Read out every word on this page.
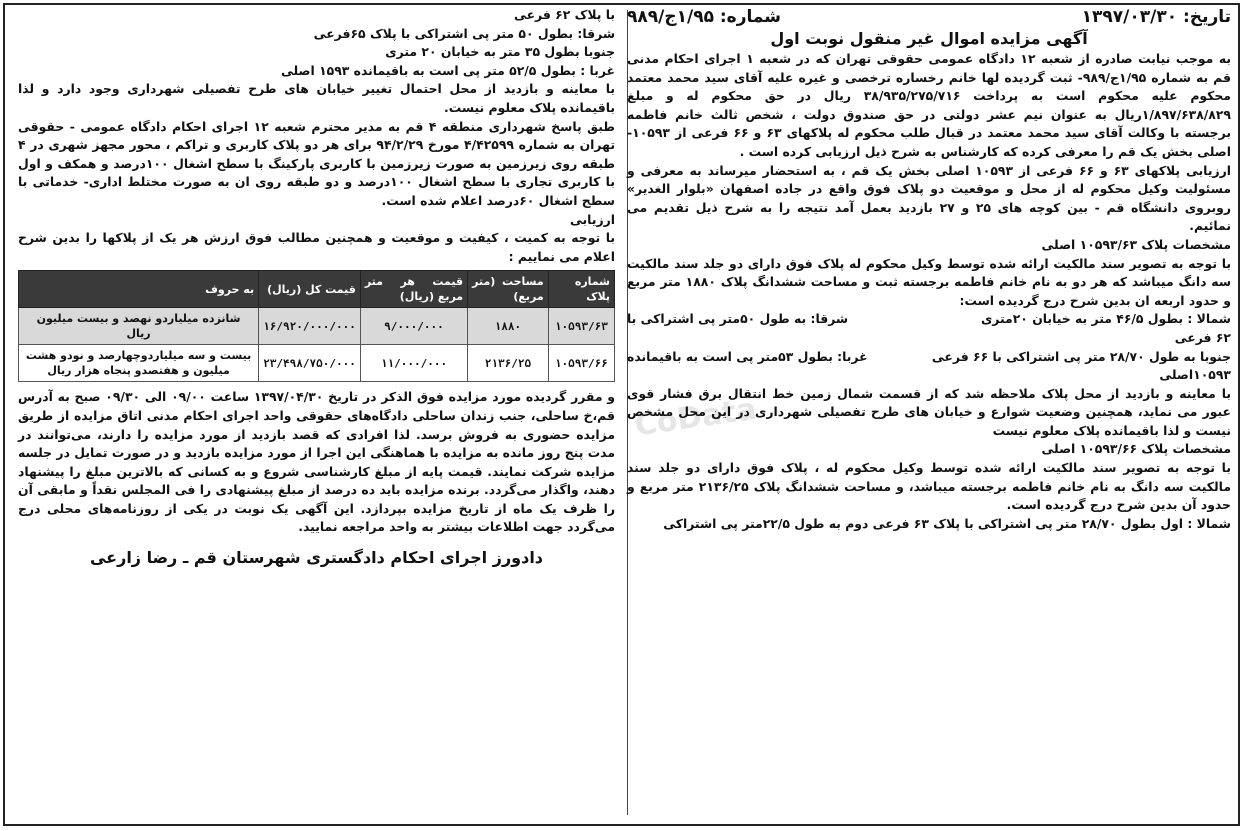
CoData
تاریخ: ۱۳۹۷/۰۳/۳۰
شماره: ۱/۹۵ج/۹۸۹
آگهی مزایده اموال غیر منقول نوبت اول

به موجب نیابت صادره از شعبه ۱۲ دادگاه عمومی حقوقی تهران که در شعبه ۱ اجرای احکام مدنی قم به شماره ۱/۹۵ج/۹۸۹- ثبت گردیده لها خانم رخساره ترخصی و غیره علیه آقای سید محمد معتمد محکوم علیه محکوم است به پرداخت ۳۸/۹۳۵/۲۷۵/۷۱۶ ریال در حق محکوم له و مبلغ ۱/۸۹۷/۶۳۸/۸۲۹ریال به عنوان نیم عشر دولتی در حق صندوق دولت ، شخص ثالث خانم فاطمه برجسته با وکالت آقای سید محمد معتمد در قبال طلب محکوم له پلاکهای ۶۳ و ۶۶ فرعی از ۱۰۵۹۳- اصلی بخش یک قم را معرفی کرده که کارشناس به شرح ذیل ارزیابی کرده است .

ارزیابی پلاکهای ۶۳ و ۶۶ فرعی از ۱۰۵۹۳ اصلی بخش یک قم ، به استحضار میرساند به معرفی و مسئولیت وکیل محکوم له از محل و موقعیت دو پلاک فوق واقع در جاده اصفهان «بلوار الغدیر» روبروی دانشگاه قم - بین کوچه های ۲۵ و ۲۷ بازدید بعمل آمد نتیجه را به شرح ذیل تقدیم می نمائیم.

مشخصات پلاک ۱۰۵۹۳/۶۳ اصلی

با توجه به تصویر سند مالکیت ارائه شده توسط وکیل محکوم له پلاک فوق دارای دو جلد سند مالکیت سه دانگ میباشد که هر دو به نام خانم فاطمه برجسته ثبت و مساحت ششدانگ پلاک ۱۸۸۰ متر مربع و حدود اربعه ان بدین شرح درج گردیده است:

شمالا : بطول ۴۶/۵ متر به خیابان ۲۰متری
شرقا: به طول ۵۰متر پی اشتراکی با

۶۲ فرعی

جنوبا به طول ۲۸/۷۰ متر پی اشتراکی با ۶۶ فرعی
غربا: بطول ۵۳متر پی است به باقیمانده

۱۰۵۹۳اصلی

با معاینه و بازدید از محل پلاک ملاحظه شد که از قسمت شمال زمین خط انتقال برق فشار قوی عبور می نماید، همچنین وضعیت شوارع و خیابان های طرح تفصیلی شهرداری در این محل مشخص نیست و لذا باقیمانده پلاک معلوم نیست

مشخصات پلاک ۱۰۵۹۳/۶۶ اصلی

با توجه به تصویر سند مالکیت ارائه شده توسط وکیل محکوم له ، پلاک فوق دارای دو جلد سند مالکیت سه دانگ به نام خانم فاطمه برجسته میباشد، و مساحت ششدانگ پلاک ۲۱۳۶/۲۵ متر مربع و حدود آن بدین شرح درج گردیده است.

شمالا : اول بطول ۲۸/۷۰ متر پی اشتراکی با پلاک ۶۳ فرعی دوم به طول ۲۲/۵متر پی اشتراکی

با پلاک ۶۲ فرعی

شرقا: بطول ۵۰ متر پی اشتراکی با پلاک ۶۵فرعی

جنوبا بطول ۳۵ متر به خیابان ۲۰ متری

غربا : بطول ۵۲/۵ متر پی است به باقیمانده ۱۵۹۳ اصلی

با معاینه و بازدید از محل احتمال تغییر خیابان های طرح تفصیلی شهرداری وجود دارد و لذا باقیمانده پلاک معلوم نیست.

طبق پاسخ شهرداری منطقه ۴ قم به مدیر محترم شعبه ۱۲ اجرای احکام دادگاه عمومی - حقوقی تهران به شماره ۴/۴۲۵۹۹ مورخ ۹۴/۲/۲۹ برای هر دو پلاک کاربری و تراکم ، محور مجهز شهری در ۴ طبقه روی زیرزمین به صورت زیرزمین با کاربری پارکینگ با سطح اشغال ۱۰۰درصد و همکف و اول با کاربری تجاری با سطح اشغال ۱۰۰درصد و دو طبقه روی ان به صورت مختلط اداری- خدماتی با سطح اشغال ۶۰درصد اعلام شده است.

ارزیابی

با توجه به کمیت ، کیفیت و موقعیت و همچنین مطالب فوق ارزش هر یک از پلاکها را بدین شرح اعلام می نماییم :

شماره پلاک	مساحت (متر مربع)	قیمت هر متر مربع (ریال)	قیمت کل (ریال)	به حروف
۱۰۵۹۳/۶۳	۱۸۸۰	۹/۰۰۰/۰۰۰	۱۶/۹۲۰/۰۰۰/۰۰۰	شانزده میلیاردو نهصد و بیست میلیون ریال
۱۰۵۹۳/۶۶	۲۱۳۶/۲۵	۱۱/۰۰۰/۰۰۰	۲۳/۴۹۸/۷۵۰/۰۰۰	بیست و سه میلیاردوچهارصد و نودو هشت میلیون و هفتصدو پنجاه هزار ریال

و مقرر گردیده مورد مزایده فوق الذکر در تاریخ ۱۳۹۷/۰۴/۳۰ ساعت ۰۹/۰۰ الی ۰۹/۳۰ صبح به آدرس قم،خ ساحلی، جنب زندان ساحلی دادگاه‌های حقوقی واحد اجرای احکام مدنی اتاق مزایده از طریق مزایده حضوری به فروش برسد. لذا افرادی که قصد بازدید از مورد مزایده را دارند، می‌توانند در مدت پنج روز مانده به مزایده با هماهنگی این اجرا از مورد مزایده بازدید و در صورت تمایل در جلسه مزایده شرکت نمایند. قیمت پایه از مبلغ کارشناسی شروع و به کسانی که بالاترین مبلغ را پیشنهاد دهند، واگذار می‌گردد. برنده مزایده باید ده درصد از مبلغ پیشنهادی را فی المجلس نقداً و مابقی آن را ظرف یک ماه از تاریخ مزایده بپردازد. این آگهی یک نوبت در یکی از روزنامه‌های محلی درج می‌گردد جهت اطلاعات بیشتر به واحد مراجعه نمایید.

دادورز اجرای احکام دادگستری شهرستان قم ـ رضا زارعی
